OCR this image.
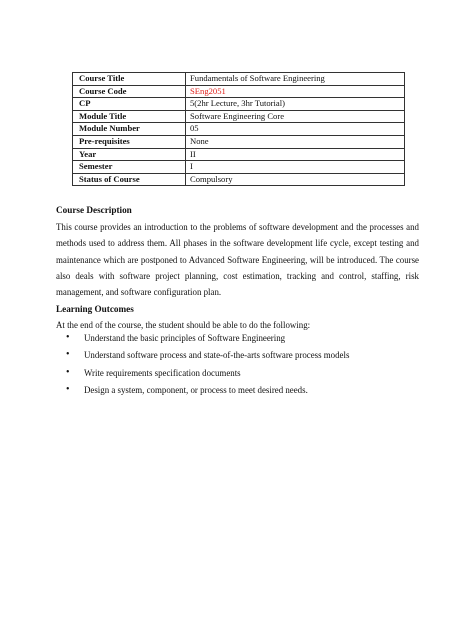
Course Title	Fundamentals of Software Engineering
Course Code	SEng2051
CP	5(2hr Lecture, 3hr Tutorial)
Module Title	Software Engineering Core
Module Number	05
Pre-requisites	None
Year	II
Semester	I
Status of Course	Compulsory
Course Description
This course provides an introduction to the problems of software development and the processes and methods used to address them. All phases in the software development life cycle, except testing and maintenance which are postponed to Advanced Software Engineering, will be introduced. The course also deals with software project planning, cost estimation, tracking and control, staffing, risk management, and software configuration plan.
Learning Outcomes
At the end of the course, the student should be able to do the following:
•	Understand the basic principles of Software Engineering
•	Understand software process and state-of-the-arts software process models
•	Write requirements specification documents
•	Design a system, component, or process to meet desired needs.
